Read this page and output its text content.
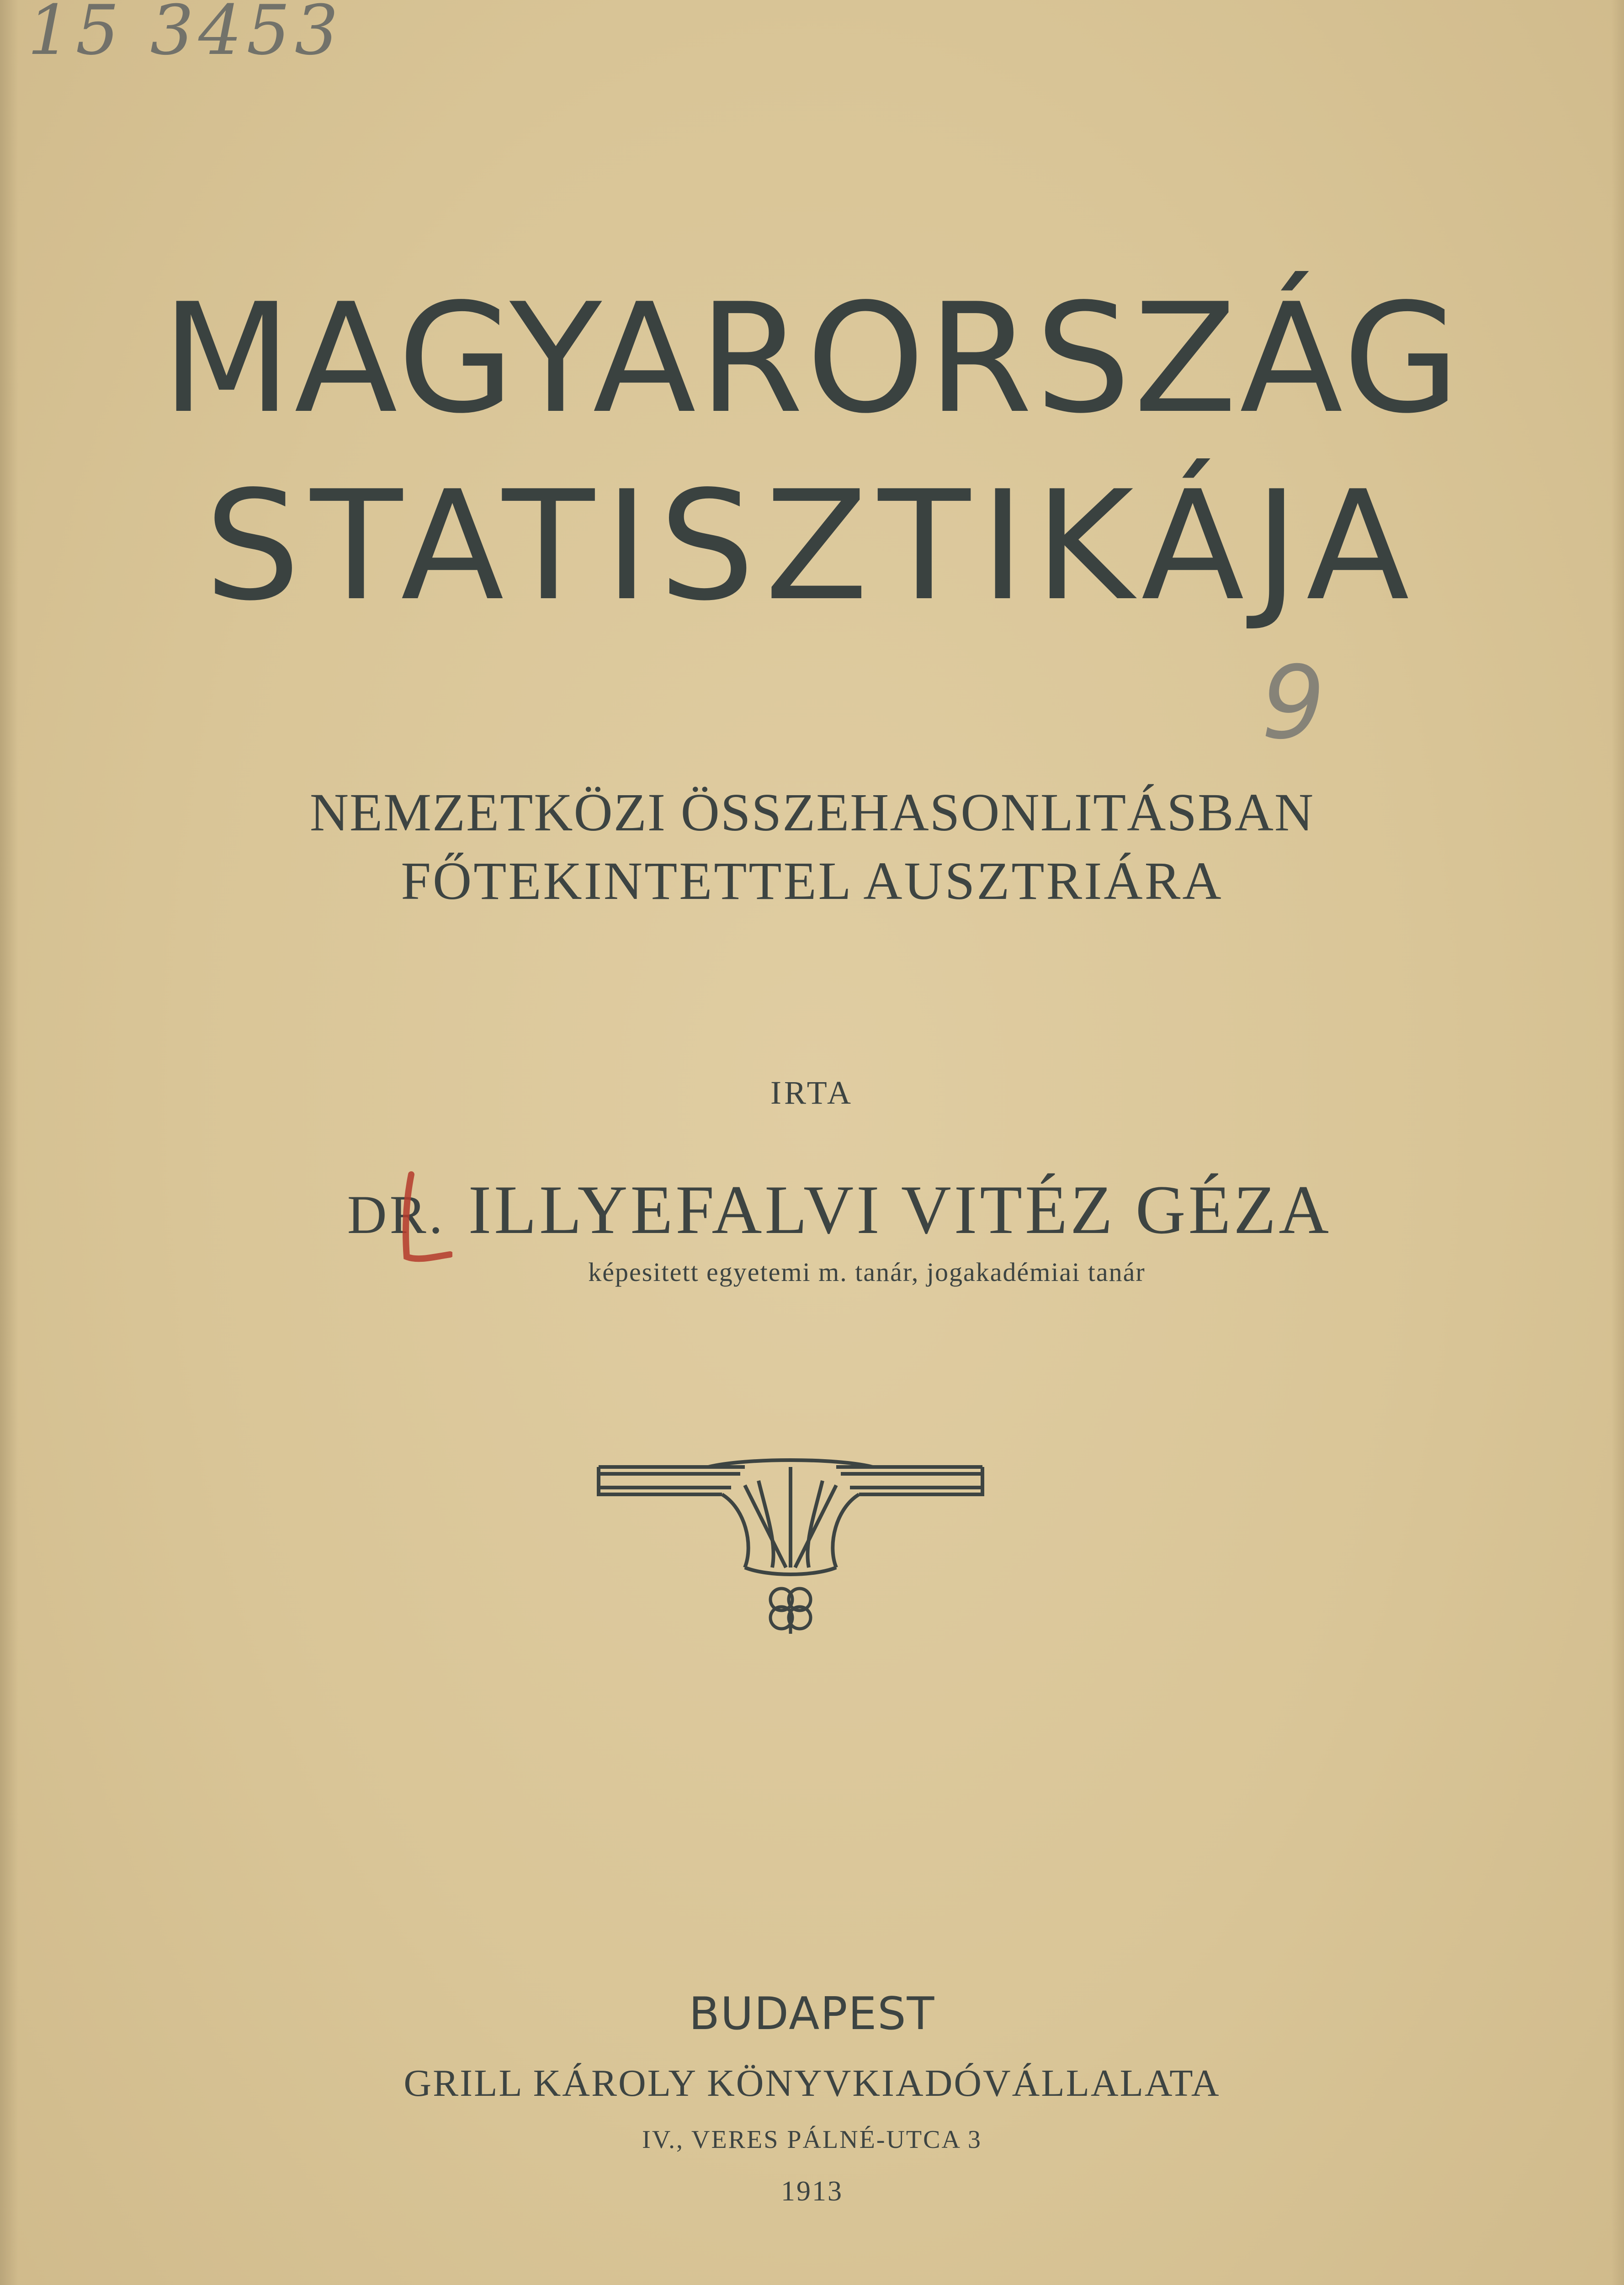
15 3453
MAGYARORSZÁG
STATISZTIKÁJA
9
NEMZETKÖZI ÖSSZEHASONLITÁSBAN
FŐTEKINTETTEL AUSZTRIÁRA
IRTA
DR. ILLYEFALVI VITÉZ GÉZA
képesitett egyetemi m. tanár, jogakadémiai tanár
BUDAPEST
GRILL KÁROLY KÖNYVKIADÓVÁLLALATA
IV., VERES PÁLNÉ-UTCA 3
1913
